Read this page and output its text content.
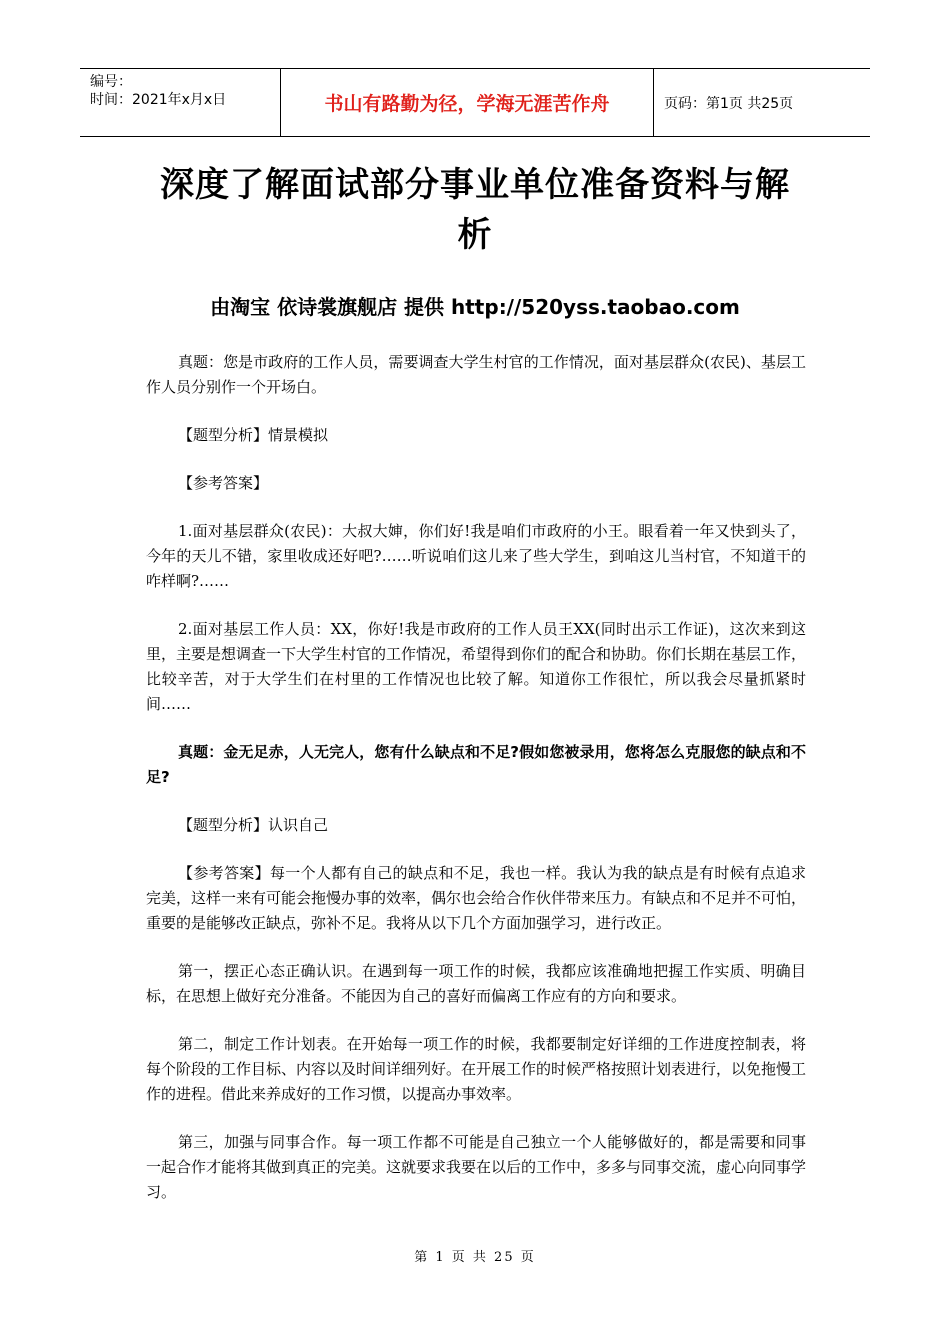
编号：
时间：2021年x月x日	书山有路勤为径，学海无涯苦作舟	页码：第1页 共25页
深度了解面试部分事业单位准备资料与解析
由淘宝 依诗裳旗舰店 提供 http://520yss.taobao.com

真题：您是市政府的工作人员，需要调查大学生村官的工作情况，面对基层群众(农民)、基层工作人员分别作一个开场白。

【题型分析】情景模拟

【参考答案】

1.面对基层群众(农民)：大叔大婶，你们好!我是咱们市政府的小王。眼看着一年又快到头了，今年的天儿不错，家里收成还好吧?……听说咱们这儿来了些大学生，到咱这儿当村官，不知道干的咋样啊?……

2.面对基层工作人员：XX，你好!我是市政府的工作人员王XX(同时出示工作证)，这次来到这里，主要是想调查一下大学生村官的工作情况，希望得到你们的配合和协助。你们长期在基层工作，比较辛苦，对于大学生们在村里的工作情况也比较了解。知道你工作很忙，所以我会尽量抓紧时间……

真题：金无足赤，人无完人，您有什么缺点和不足?假如您被录用，您将怎么克服您的缺点和不足?

【题型分析】认识自己

【参考答案】每一个人都有自己的缺点和不足，我也一样。我认为我的缺点是有时候有点追求完美，这样一来有可能会拖慢办事的效率，偶尔也会给合作伙伴带来压力。有缺点和不足并不可怕，重要的是能够改正缺点，弥补不足。我将从以下几个方面加强学习，进行改正。

第一，摆正心态正确认识。在遇到每一项工作的时候，我都应该准确地把握工作实质、明确目标，在思想上做好充分准备。不能因为自己的喜好而偏离工作应有的方向和要求。

第二，制定工作计划表。在开始每一项工作的时候，我都要制定好详细的工作进度控制表，将每个阶段的工作目标、内容以及时间详细列好。在开展工作的时候严格按照计划表进行，以免拖慢工作的进程。借此来养成好的工作习惯，以提高办事效率。

第三，加强与同事合作。每一项工作都不可能是自己独立一个人能够做好的，都是需要和同事一起合作才能将其做到真正的完美。这就要求我要在以后的工作中，多多与同事交流，虚心向同事学习。

第 1 页 共 25 页
